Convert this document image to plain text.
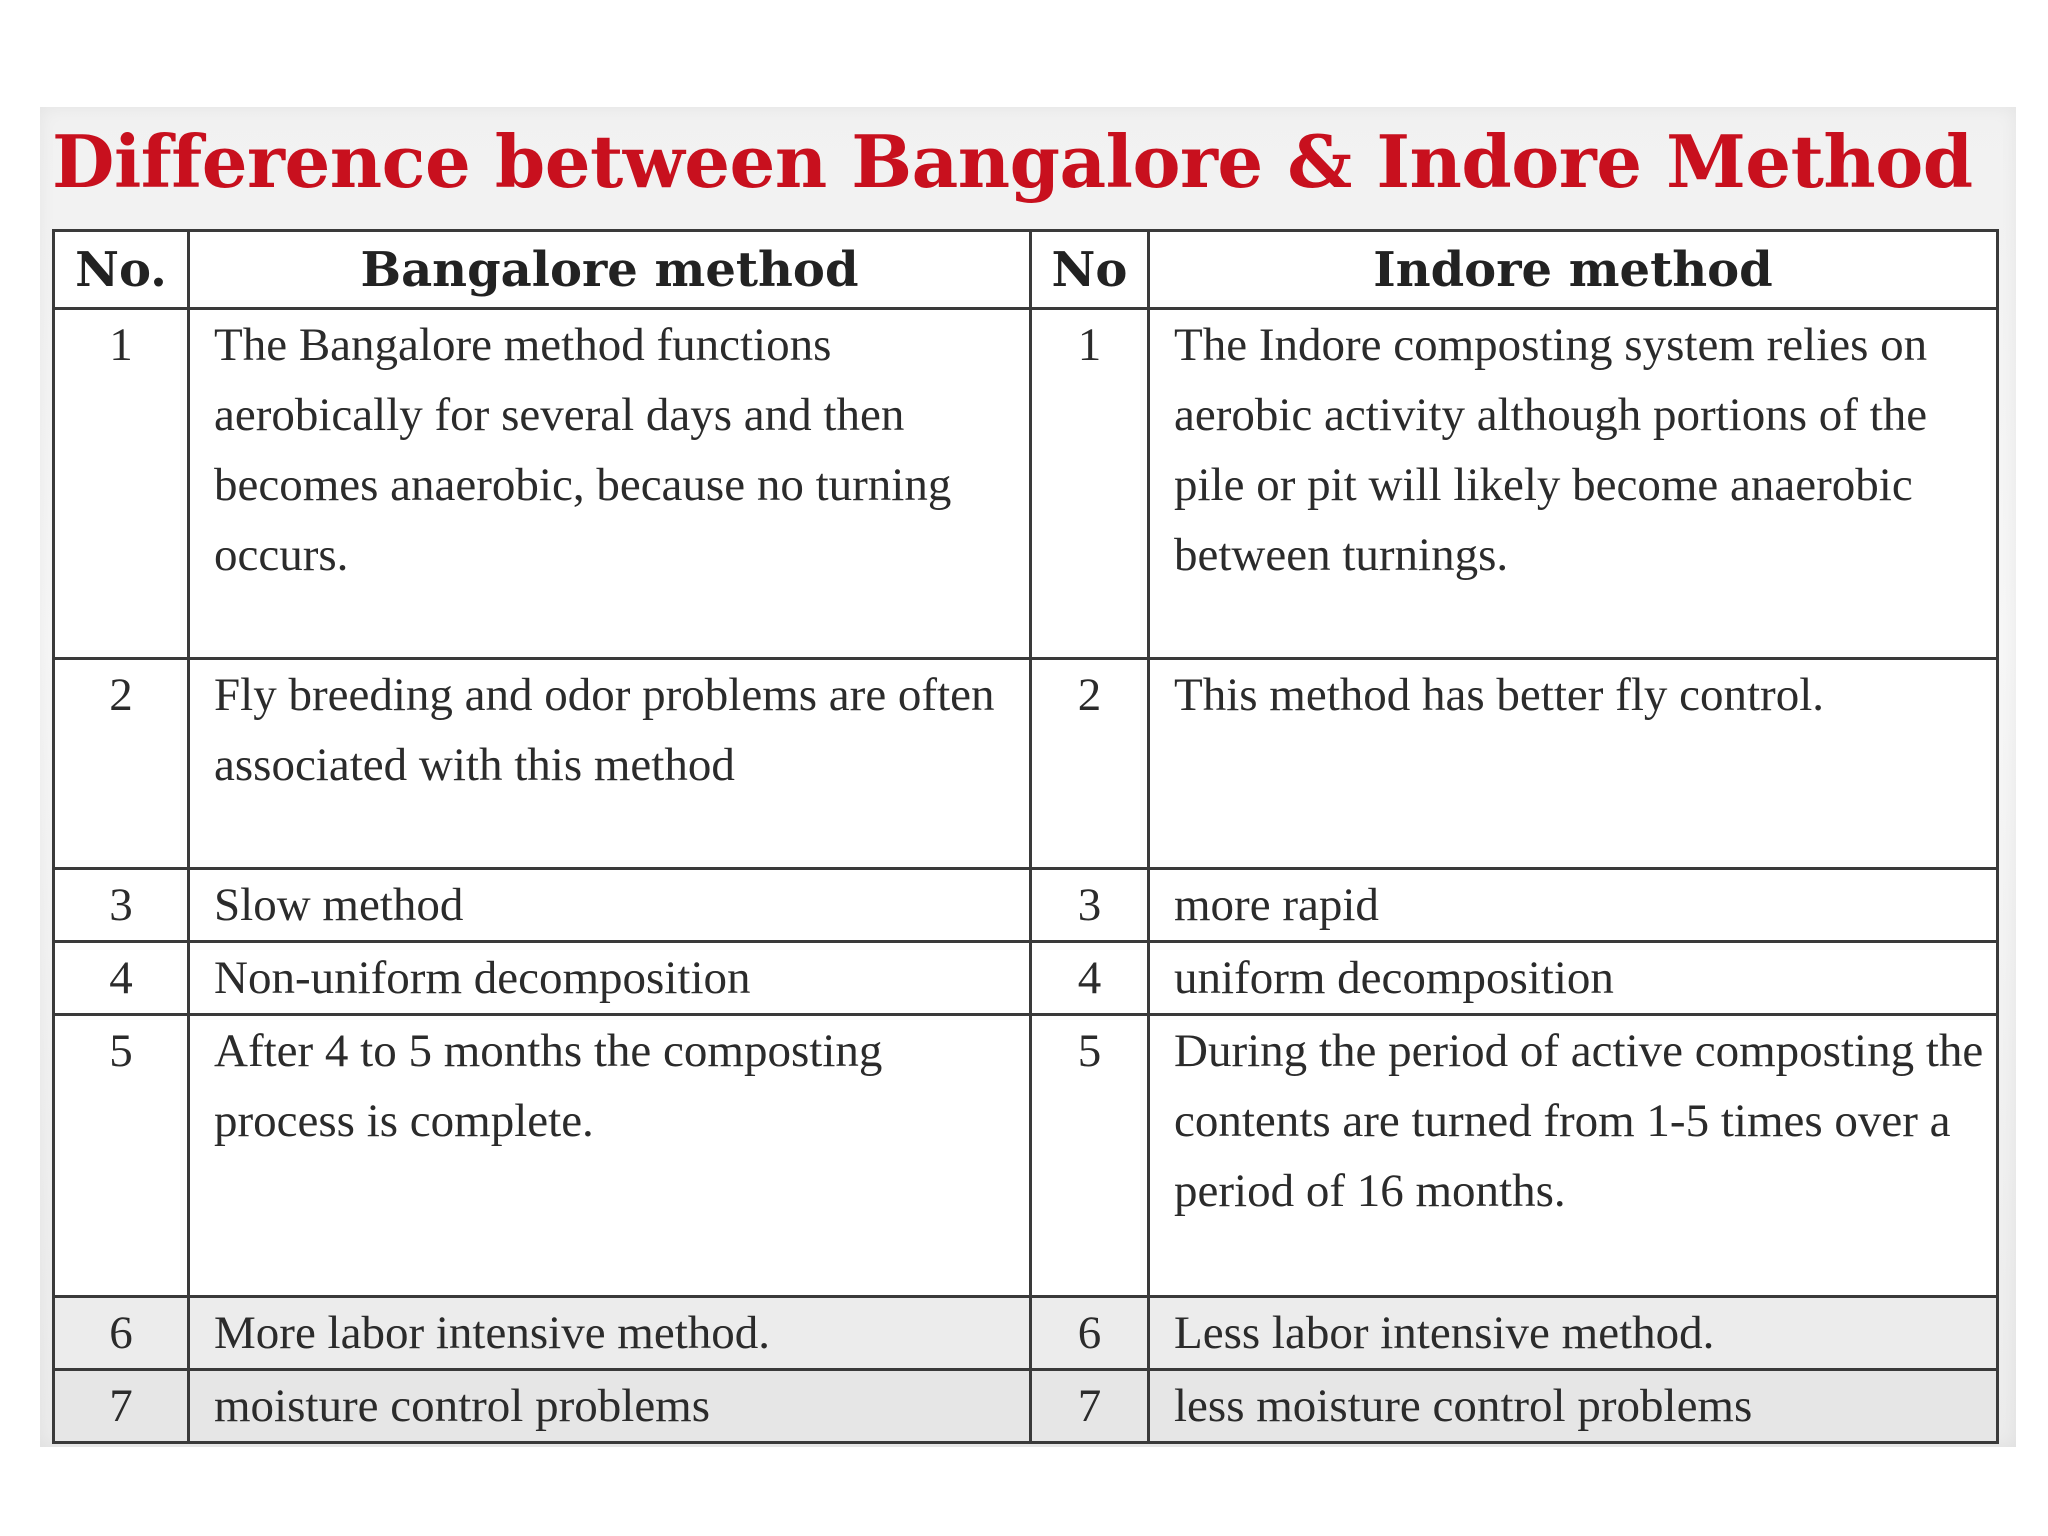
Difference between Bangalore & Indore Method
No.	Bangalore method	No	Indore method
1	The Bangalore method functions aerobically for several days and then becomes anaerobic, because no turning occurs.	1	The Indore composting system relies on aerobic activity although portions of the pile or pit will likely become anaerobic between turnings.
2	Fly breeding and odor problems are often associated with this method	2	This method has better fly control.
3	Slow method	3	more rapid
4	Non-uniform decomposition	4	uniform decomposition
5	After 4 to 5 months the composting process is complete.	5	During the period of active composting the contents are turned from 1-5 times over a period of 16 months.
6	More labor intensive method.	6	Less labor intensive method.
7	moisture control problems	7	less moisture control problems
